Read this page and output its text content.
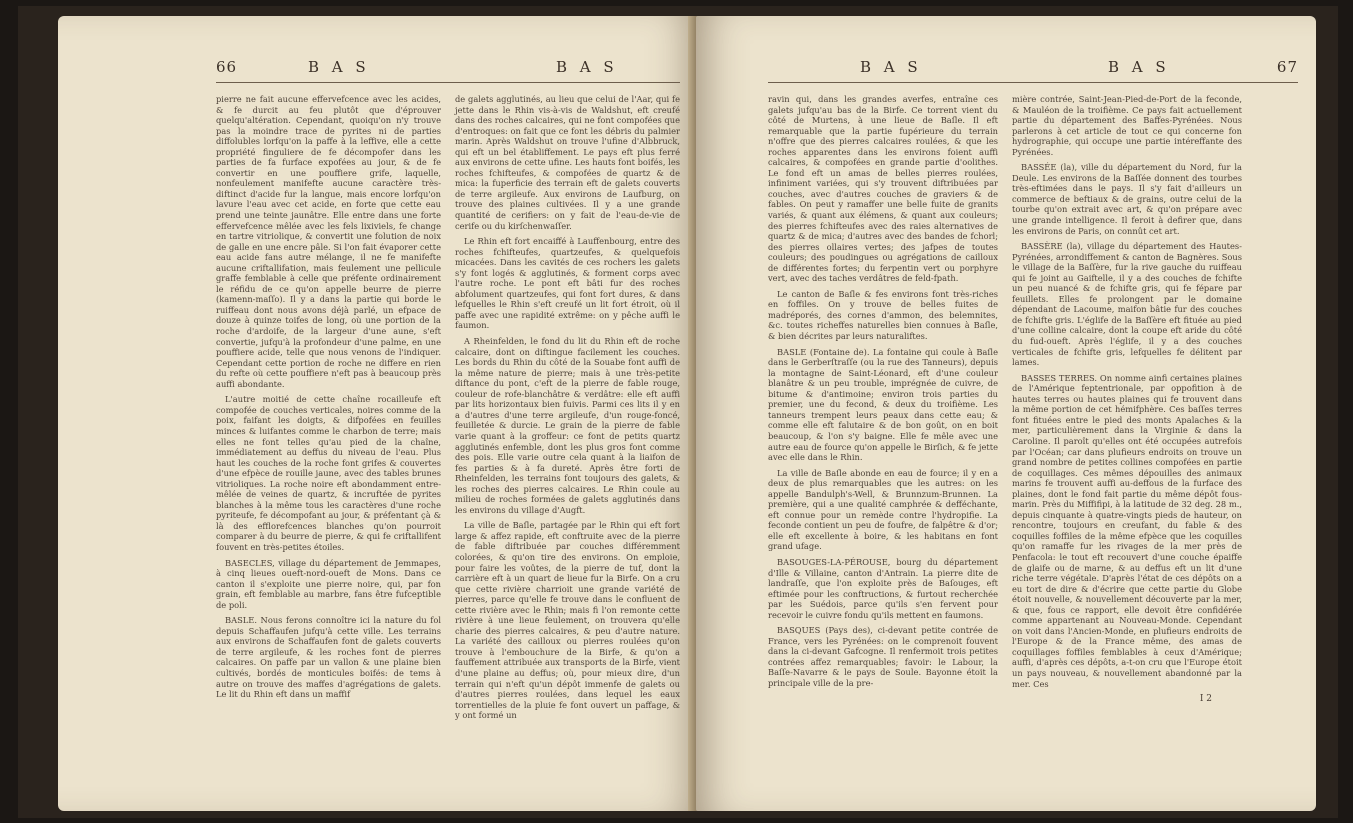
66	B A S	B A S

pierre ne fait aucune effervefcence avec les acides, & fe durcit au feu plutôt que d'éprouver quelqu'altération. Cependant, quoiqu'on n'y trouve pas la moindre trace de pyrites ni de parties diffolubles lorfqu'on la paffe à la leffive, elle a cette propriété finguliere de fe décompofer dans les parties de fa furface expofées au jour, & de fe convertir en une pouffiere grife, laquelle, nonfeulement manifefte aucune caractère très-diftinct d'acide fur la langue, mais encore lorfqu'on lavure l'eau avec cet acide, en forte que cette eau prend une teinte jaunâtre. Elle entre dans une forte effervefcence mêlée avec les fels lixiviels, fe change en tartre vitriolique, & convertit une folution de noix de galle en une encre pâle. Si l'on fait évaporer cette eau acide fans autre mélange, il ne fe manifefte aucune criftallifation, mais feulement une pellicule graffe femblable à celle que préfente ordinairement le réfidu de ce qu'on appelle beurre de pierre (kamenn-maſſo). Il y a dans la partie qui borde le ruiffeau dont nous avons déjà parlé, un efpace de douze à quinze toifes de long, où une portion de la roche d'ardoife, de la largeur d'une aune, s'eft convertie, jufqu'à la profondeur d'une palme, en une pouffiere acide, telle que nous venons de l'indiquer. Cependant cette portion de roche ne differe en rien du refte où cette pouffiere n'eft pas à beaucoup près auffi abondante.

L'autre moitié de cette chaîne rocailleufe eft compofée de couches verticales, noires comme de la poix, faifant les doigts, & difpofées en feuilles minces & luifantes comme le charbon de terre; mais elles ne font telles qu'au pied de la chaîne, immédiatement au deffus du niveau de l'eau. Plus haut les couches de la roche font grifes & couvertes d'une efpèce de rouille jaune, avec des tables brunes vitrioliques. La roche noire eft abondamment entre-mêlée de veines de quartz, & incruftée de pyrites blanches à la même tous les caractères d'une roche pyriteufe, fe décompofant au jour, & préfentant çà & là des efflorefcences blanches qu'on pourroit comparer à du beurre de pierre, & qui fe criftallifent fouvent en très-petites étoiles.

BASECLES, village du département de Jemmapes, à cinq lieues oueft-nord-oueft de Mons. Dans ce canton il s'exploite une pierre noire, qui, par fon grain, eft femblable au marbre, fans être fufceptible de poli.

BASLE. Nous ferons connoître ici la nature du fol depuis Schaffaufen jufqu'à cette ville. Les terrains aux environs de Schaffaufen font de galets couverts de terre argileufe, & les roches font de pierres calcaires. On paffe par un vallon & une plaine bien cultivés, bordés de monticules boifés: de tems à autre on trouve des maffes d'agrégations de galets. Le lit du Rhin eft dans un maffif

de galets agglutinés, au lieu que celui de l'Aar, qui fe jette dans le Rhin vis-à-vis de Waldshut, eft creufé dans des roches calcaires, qui ne font compofées que d'entroques: on fait que ce font les débris du palmier marin. Après Waldshut on trouve l'ufine d'Albbruck, qui eft un bel établiffement. Le pays eft plus ferré aux environs de cette ufine. Les hauts font boifés, les roches fchifteufes, & compofées de quartz & de mica: la fuperficie des terrain eft de galets couverts de terre argileufe. Aux environs de Laufburg, on trouve des plaines cultivées. Il y a une grande quantité de cerifiers: on y fait de l'eau-de-vie de cerife ou du kirſchenwaſſer.

Le Rhin eft fort encaiffé à Lauffenbourg, entre des roches fchifteufes, quartzeufes, & quelquefois micacées. Dans les cavités de ces rochers les galets s'y font logés & agglutinés, & forment corps avec l'autre roche. Le pont eft bâti fur des roches abfolument quartzeufes, qui font fort dures, & dans lefquelles le Rhin s'eft creufé un lit fort étroit, où il paffe avec une rapidité extrême: on y pêche auffi le faumon.

A Rheinfelden, le fond du lit du Rhin eft de roche calcaire, dont on diftingue facilement les couches. Les bords du Rhin du côté de la Souabe font auffi de la même nature de pierre; mais à une très-petite diftance du pont, c'eft de la pierre de fable rouge, couleur de rofe-blanchâtre & verdâtre: elle eft auffi par lits horizontaux bien fuivis. Parmi ces lits il y en a d'autres d'une terre argileufe, d'un rouge-foncé, feuilletée & durcie. Le grain de la pierre de fable varie quant à la groffeur: ce font de petits quartz agglutinés enfemble, dont les plus gros font comme des pois. Elle varie outre cela quant à la liaifon de fes parties & à fa dureté. Après être forti de Rheinfelden, les terrains font toujours des galets, & les roches des pierres calcaires. Le Rhin coule au milieu de roches formées de galets agglutinés dans les environs du village d'Augft.

La ville de Baſle, partagée par le Rhin qui eft fort large & affez rapide, eft conftruite avec de la pierre de fable diftribuée par couches différemment colorées, & qu'on tire des environs. On emploie, pour faire les voûtes, de la pierre de tuf, dont la carrière eft à un quart de lieue fur la Birfe. On a cru que cette rivière charrioit une grande variété de pierres, parce qu'elle fe trouve dans le confluent de cette rivière avec le Rhin; mais fi l'on remonte cette rivière à une lieue feulement, on trouvera qu'elle charie des pierres calcaires, & peu d'autre nature. La variété des cailloux ou pierres roulées qu'on trouve à l'embouchure de la Birfe, & qu'on a fauffement attribuée aux transports de la Birfe, vient d'une plaine au deffus; où, pour mieux dire, d'un terrain qui n'eft qu'un dépôt immenfe de galets ou d'autres pierres roulées, dans lequel les eaux torrentielles de la pluie fe font ouvert un paffage, & y ont formé un

B A S	B A S	67

ravin qui, dans les grandes averfes, entraîne ces galets jufqu'au bas de la Birfe. Ce torrent vient du côté de Murtens, à une lieue de Baſle. Il eft remarquable que la partie fupérieure du terrain n'offre que des pierres calcaires roulées, & que les roches apparentes dans les environs foient auffi calcaires, & compofées en grande partie d'oolithes. Le fond eft un amas de belles pierres roulées, infiniment variées, qui s'y trouvent diftribuées par couches, avec d'autres couches de graviers & de fables. On peut y ramaffer une belle fuite de granits variés, & quant aux élémens, & quant aux couleurs; des pierres fchifteufes avec des raies alternatives de quartz & de mica; d'autres avec des bandes de fchorl; des pierres ollaires vertes; des jafpes de toutes couleurs; des poudingues ou agrégations de cailloux de différentes fortes; du ferpentin vert ou porphyre vert, avec des taches verdâtres de feld-fpath.

Le canton de Baſle & fes environs font très-riches en foffiles. On y trouve de belles fuites de madréporés, des cornes d'ammon, des belemnites, &c. toutes richeffes naturelles bien connues à Baſle, & bien décrites par leurs naturaliftes.

BASLE (Fontaine de). La fontaine qui coule à Baſle dans le Gerberſtraſſe (ou la rue des Tanneurs), depuis la montagne de Saint-Léonard, eft d'une couleur blanâtre & un peu trouble, imprégnée de cuivre, de bitume & d'antimoine; environ trois parties du premier, une du fecond, & deux du troifième. Les tanneurs trempent leurs peaux dans cette eau; & comme elle eft falutaire & de bon goût, on en boit beaucoup, & l'on s'y baigne. Elle fe mêle avec une autre eau de fource qu'on appelle le Birſich, & fe jette avec elle dans le Rhin.

La ville de Baſle abonde en eau de fource; il y en a deux de plus remarquables que les autres: on les appelle Bandulph's-Well, & Brunnzum-Brunnen. La première, qui a une qualité camphrée & defféchante, eft connue pour un remède contre l'hydropifie. La feconde contient un peu de foufre, de falpêtre & d'or; elle eft excellente à boire, & les habitans en font grand ufage.

BASOUGES-LA-PÉROUSE, bourg du département d'Ille & Villaine, canton d'Antrain. La pierre dite de landraſſe, que l'on exploite près de Baſouges, eft eftimée pour les conftructions, & furtout recherchée par les Suédois, parce qu'ils s'en fervent pour recevoir le cuivre fondu qu'ils mettent en faumons.

BASQUES (Pays des), ci-devant petite contrée de France, vers les Pyrénées: on le comprenoit fouvent dans la ci-devant Gafcogne. Il renfermoit trois petites contrées affez remarquables; favoir: le Labour, la Baſſe-Navarre & le pays de Soule. Bayonne étoit la principale ville de la pre-

mière contrée, Saint-Jean-Pied-de-Port de la feconde, & Mauléon de la troifième. Ce pays fait actuellement partie du département des Baffes-Pyrénées. Nous parlerons à cet article de tout ce qui concerne fon hydrographie, qui occupe une partie intéreffante des Pyrénées.

BASSÉE (la), ville du département du Nord, fur la Deule. Les environs de la Baſſée donnent des tourbes très-eftimées dans le pays. Il s'y fait d'ailleurs un commerce de beftiaux & de grains, outre celui de la tourbe qu'on extrait avec art, & qu'on prépare avec une grande intelligence. Il feroit à defirer que, dans les environs de Paris, on connût cet art.

BASSÈRE (la), village du département des Hautes-Pyrénées, arrondiffement & canton de Bagnères. Sous le village de la Baſſère, fur la rive gauche du ruiffeau qui fe joint au Gaiftelle, il y a des couches de fchifte un peu nuancé & de fchifte gris, qui fe fépare par feuillets. Elles fe prolongent par le domaine dépendant de Lacoume, maifon bâtie fur des couches de fchifte gris. L'églife de la Baſſère eft fituée au pied d'une colline calcaire, dont la coupe eft aride du côté du fud-oueft. Après l'églife, il y a des couches verticales de fchifte gris, lefquelles fe délitent par lames.

BASSES TERRES. On nomme ainfi certaines plaines de l'Amérique feptentrionale, par oppofition à de hautes terres ou hautes plaines qui fe trouvent dans la même portion de cet hémifphère. Ces baſſes terres font fituées entre le pied des monts Apalaches & la mer, particulièrement dans la Virginie & dans la Caroline. Il paroît qu'elles ont été occupées autrefois par l'Océan; car dans plufieurs endroits on trouve un grand nombre de petites collines compofées en partie de coquillages. Ces mêmes dépouilles des animaux marins fe trouvent auffi au-deffous de la furface des plaines, dont le fond fait partie du même dépôt fous-marin. Près du Miffifipi, à la latitude de 32 deg. 28 m., depuis cinquante à quatre-vingts pieds de hauteur, on rencontre, toujours en creufant, du fable & des coquilles foffiles de la même efpèce que les coquilles qu'on ramaffe fur les rivages de la mer près de Penfacola: le tout eft recouvert d'une couche épaiffe de glaife ou de marne, & au deffus eft un lit d'une riche terre végétale. D'après l'état de ces dépôts on a eu tort de dire & d'écrire que cette partie du Globe étoit nouvelle, & nouvellement découverte par la mer, & que, fous ce rapport, elle devoit être confidérée comme appartenant au Nouveau-Monde. Cependant on voit dans l'Ancien-Monde, en plufieurs endroits de l'Europe & de la France même, des amas de coquillages foffiles femblables à ceux d'Amérique; auffi, d'après ces dépôts, a-t-on cru que l'Europe étoit un pays nouveau, & nouvellement abandonné par la mer. Ces

I 2
